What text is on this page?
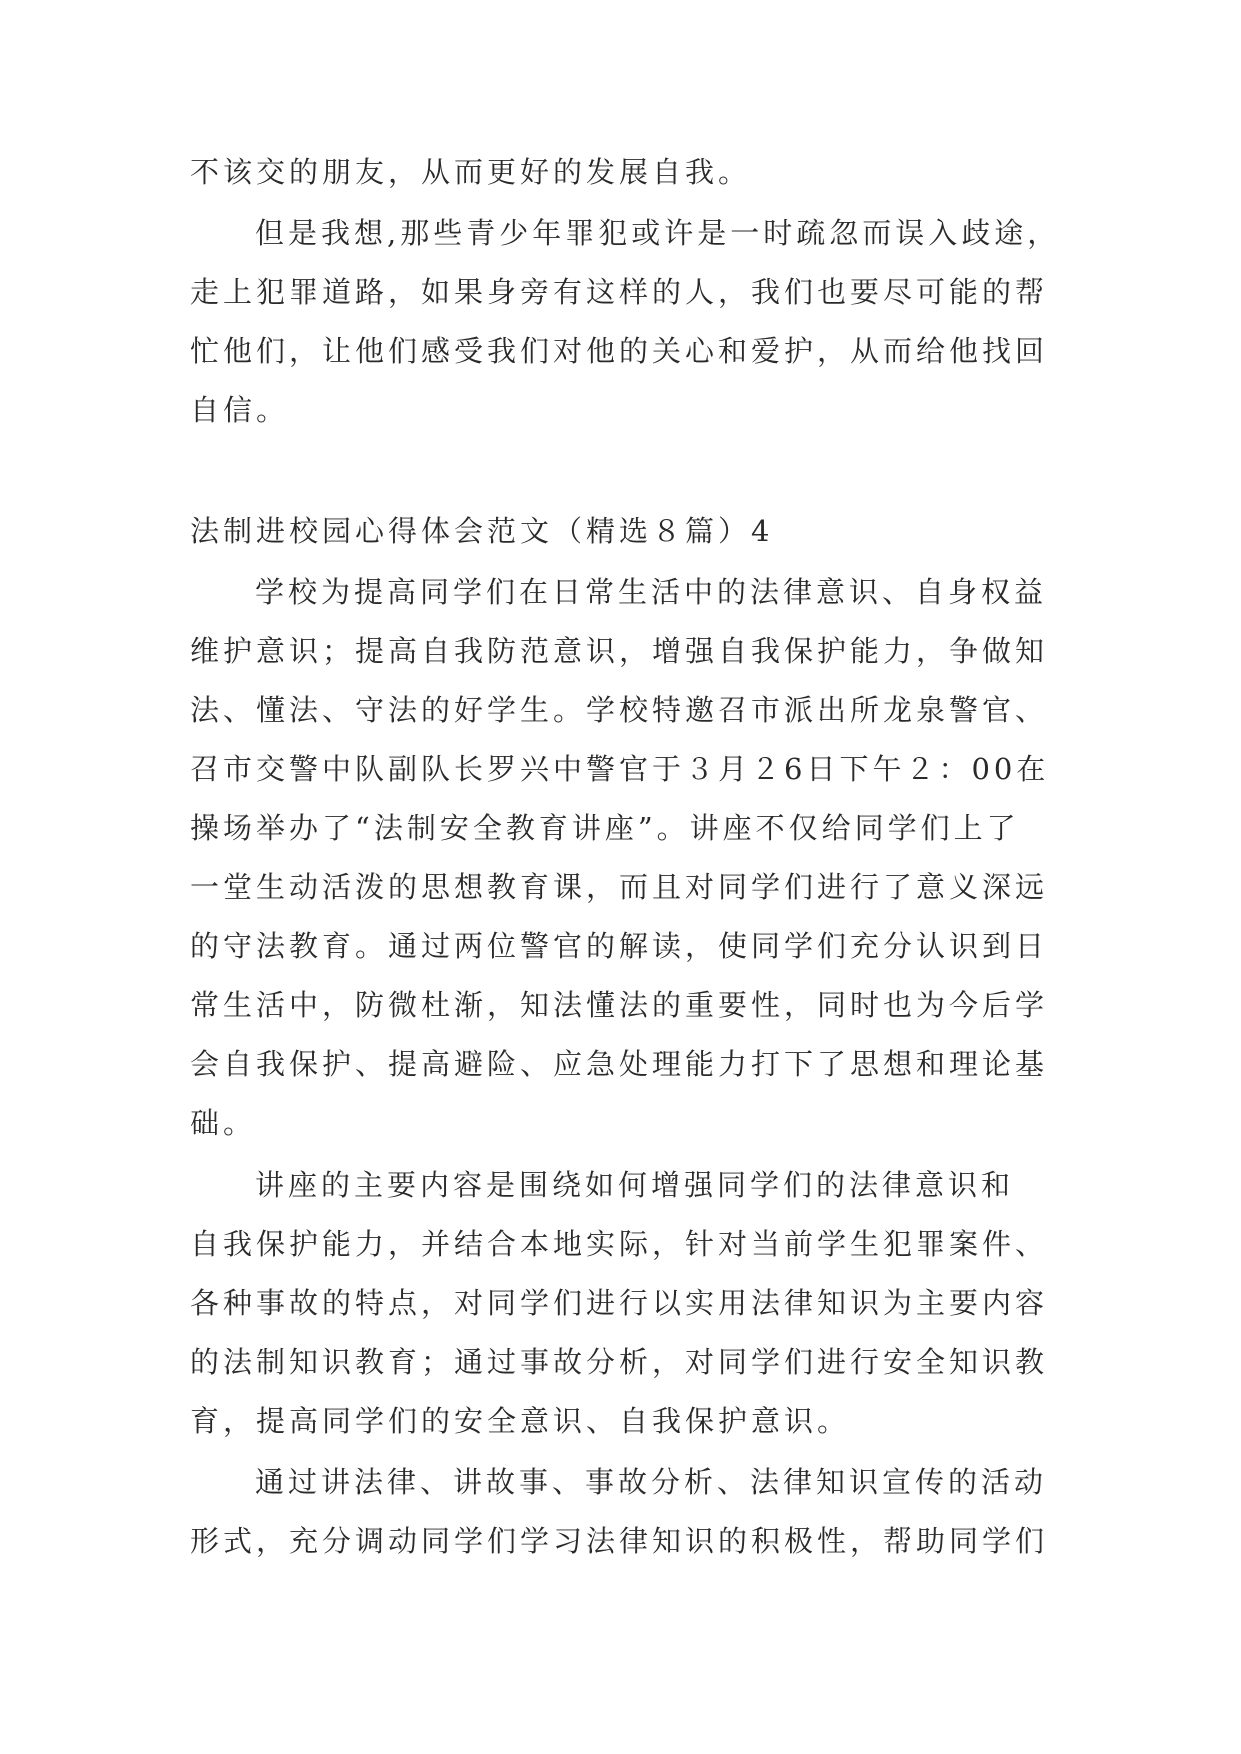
不该交的朋友，从而更好的发展自我。
但是我想,那些青少年罪犯或许是一时疏忽而误入歧途，
走上犯罪道路，如果身旁有这样的人，我们也要尽可能的帮
忙他们，让他们感受我们对他的关心和爱护，从而给他找回
自信。
法制进校园心得体会范文（精选８篇）4
学校为提高同学们在日常生活中的法律意识、自身权益
维护意识；提高自我防范意识，增强自我保护能力，争做知
法、懂法、守法的好学生。学校特邀召市派出所龙泉警官、
召市交警中队副队长罗兴中警官于３月２6日下午２：00在
操场举办了“法制安全教育讲座”。讲座不仅给同学们上了
一堂生动活泼的思想教育课，而且对同学们进行了意义深远
的守法教育。通过两位警官的解读，使同学们充分认识到日
常生活中，防微杜渐，知法懂法的重要性，同时也为今后学
会自我保护、提高避险、应急处理能力打下了思想和理论基
础。
讲座的主要内容是围绕如何增强同学们的法律意识和
自我保护能力，并结合本地实际，针对当前学生犯罪案件、
各种事故的特点，对同学们进行以实用法律知识为主要内容
的法制知识教育；通过事故分析，对同学们进行安全知识教
育，提高同学们的安全意识、自我保护意识。
通过讲法律、讲故事、事故分析、法律知识宣传的活动
形式，充分调动同学们学习法律知识的积极性，帮助同学们
